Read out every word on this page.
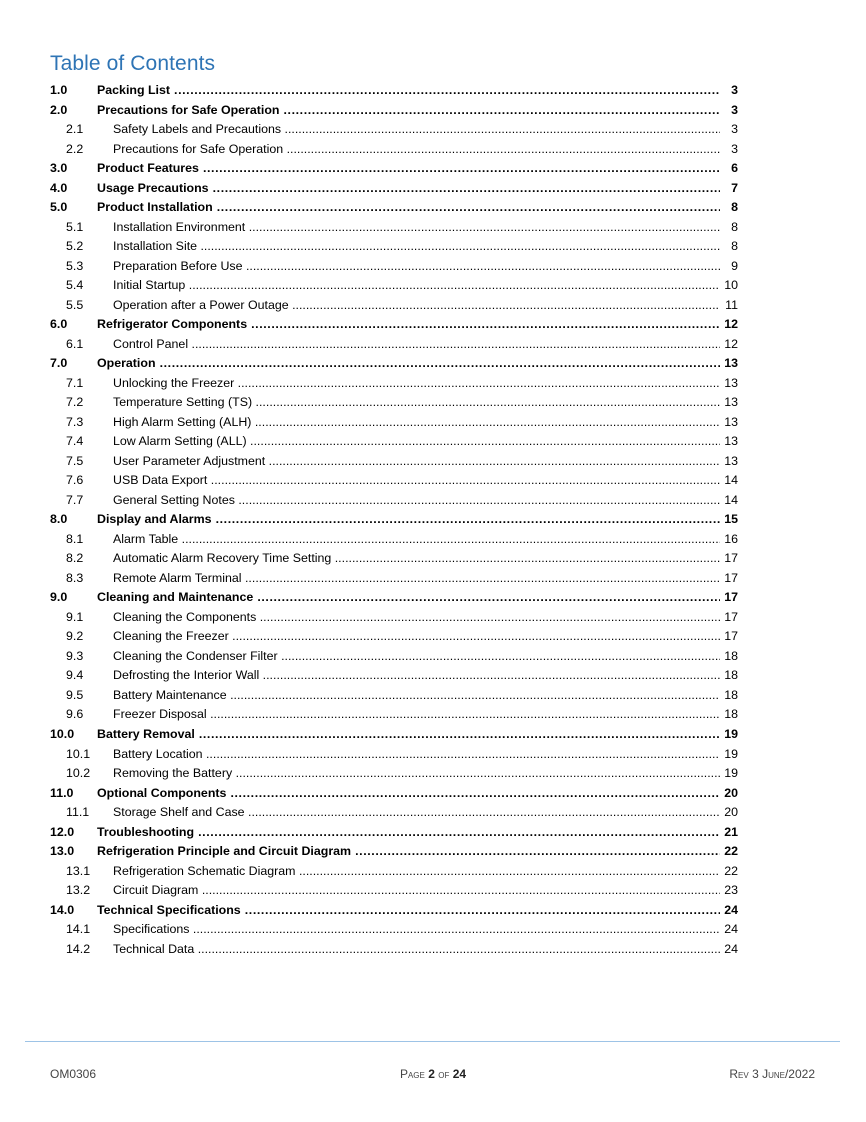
Table of Contents
1.0 Packing List .....	3
2.0 Precautions for Safe Operation .....	3
2.1 Safety Labels and Precautions .....	3
2.2 Precautions for Safe Operation .....	3
3.0 Product Features .....	6
4.0 Usage Precautions .....	7
5.0 Product Installation .....	8
5.1 Installation Environment .....	8
5.2 Installation Site .....	8
5.3 Preparation Before Use .....	9
5.4 Initial Startup .....	10
5.5 Operation after a Power Outage .....	11
6.0 Refrigerator Components .....	12
6.1 Control Panel .....	12
7.0 Operation .....	13
7.1 Unlocking the Freezer .....	13
7.2 Temperature Setting (TS) .....	13
7.3 High Alarm Setting (ALH) .....	13
7.4 Low Alarm Setting (ALL) .....	13
7.5 User Parameter Adjustment .....	13
7.6 USB Data Export .....	14
7.7 General Setting Notes .....	14
8.0 Display and Alarms .....	15
8.1 Alarm Table .....	16
8.2 Automatic Alarm Recovery Time Setting .....	17
8.3 Remote Alarm Terminal .....	17
9.0 Cleaning and Maintenance .....	17
9.1 Cleaning the Components .....	17
9.2 Cleaning the Freezer .....	17
9.3 Cleaning the Condenser Filter .....	18
9.4 Defrosting the Interior Wall .....	18
9.5 Battery Maintenance .....	18
9.6 Freezer Disposal .....	18
10.0 Battery Removal .....	19
10.1 Battery Location .....	19
10.2 Removing the Battery .....	19
11.0 Optional Components .....	20
11.1 Storage Shelf and Case .....	20
12.0 Troubleshooting .....	21
13.0 Refrigeration Principle and Circuit Diagram .....	22
13.1 Refrigeration Schematic Diagram .....	22
13.2 Circuit Diagram .....	23
14.0 Technical Specifications .....	24
14.1 Specifications .....	24
14.2 Technical Data .....	24
OM0306	Page 2 of 24	Rev 3 June/2022
